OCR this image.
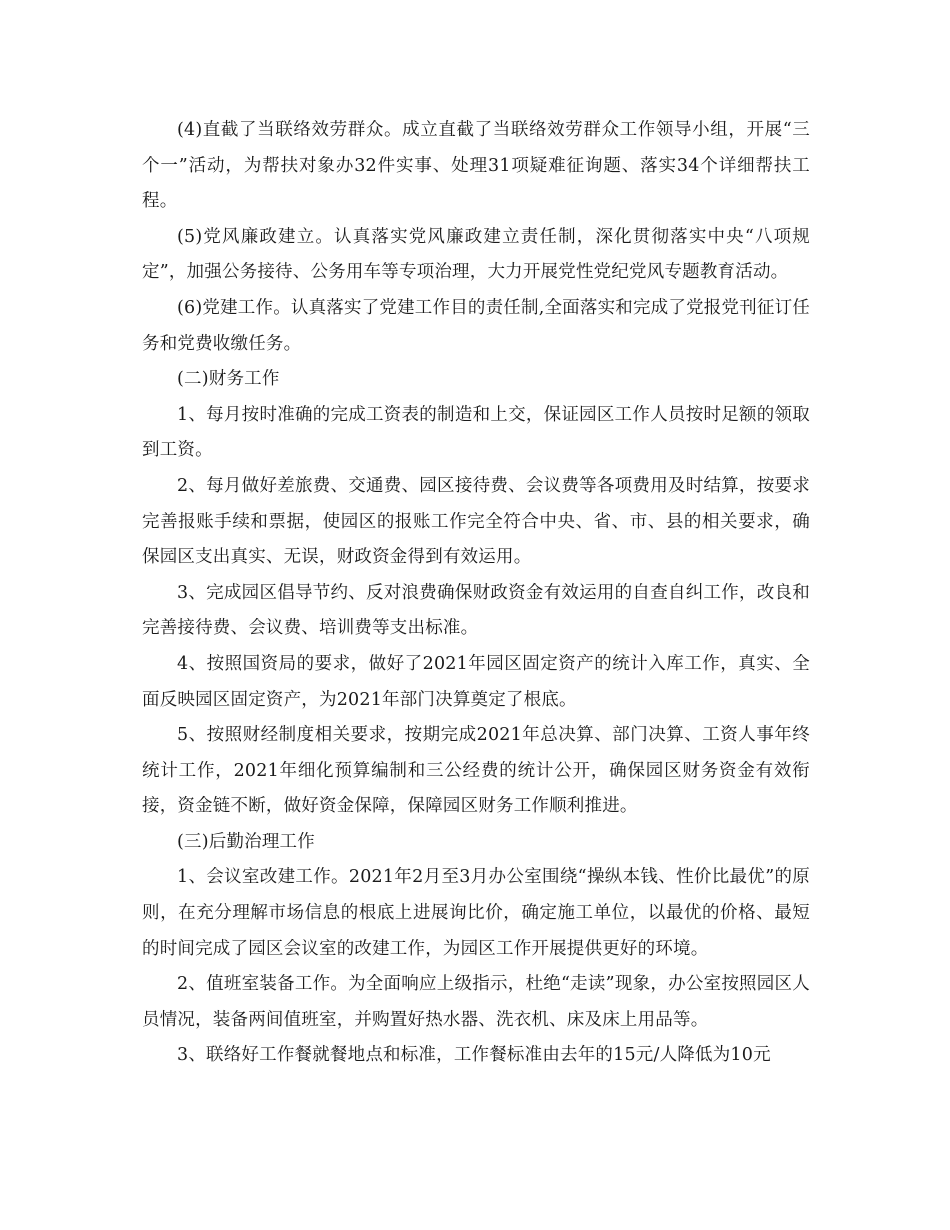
(4)直截了当联络效劳群众。成立直截了当联络效劳群众工作领导小组，开展“三个一”活动，为帮扶对象办32件实事、处理31项疑难征询题、落实34个详细帮扶工程。

(5)党风廉政建立。认真落实党风廉政建立责任制，深化贯彻落实中央“八项规定”，加强公务接待、公务用车等专项治理，大力开展党性党纪党风专题教育活动。

(6)党建工作。认真落实了党建工作目的责任制,全面落实和完成了党报党刊征订任务和党费收缴任务。

(二)财务工作

1、每月按时准确的完成工资表的制造和上交，保证园区工作人员按时足额的领取到工资。

2、每月做好差旅费、交通费、园区接待费、会议费等各项费用及时结算，按要求完善报账手续和票据，使园区的报账工作完全符合中央、省、市、县的相关要求，确保园区支出真实、无误，财政资金得到有效运用。

3、完成园区倡导节约、反对浪费确保财政资金有效运用的自查自纠工作，改良和完善接待费、会议费、培训费等支出标准。

4、按照国资局的要求，做好了2021年园区固定资产的统计入库工作，真实、全面反映园区固定资产，为2021年部门决算奠定了根底。

5、按照财经制度相关要求，按期完成2021年总决算、部门决算、工资人事年终统计工作，2021年细化预算编制和三公经费的统计公开，确保园区财务资金有效衔接，资金链不断，做好资金保障，保障园区财务工作顺利推进。

(三)后勤治理工作

1、会议室改建工作。2021年2月至3月办公室围绕“操纵本钱、性价比最优”的原则，在充分理解市场信息的根底上进展询比价，确定施工单位，以最优的价格、最短的时间完成了园区会议室的改建工作，为园区工作开展提供更好的环境。

2、值班室装备工作。为全面响应上级指示，杜绝“走读”现象，办公室按照园区人员情况，装备两间值班室，并购置好热水器、洗衣机、床及床上用品等。

3、联络好工作餐就餐地点和标准，工作餐标准由去年的15元/人降低为10元
